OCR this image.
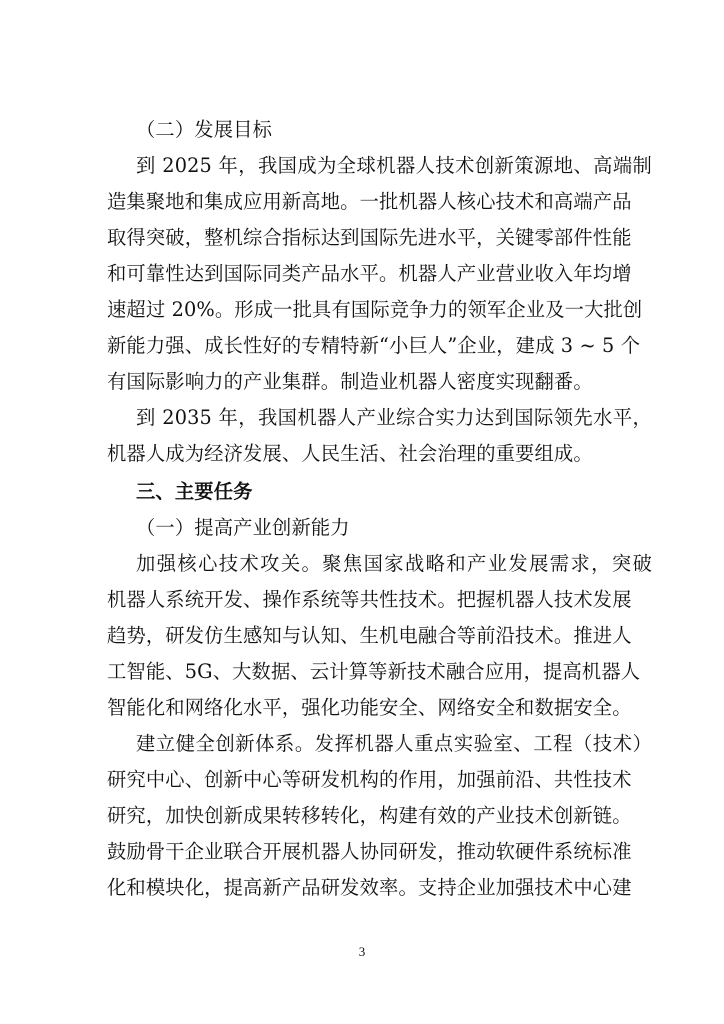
（二）发展目标
到 2025 年，我国成为全球机器人技术创新策源地、高端制
造集聚地和集成应用新高地。一批机器人核心技术和高端产品
取得突破，整机综合指标达到国际先进水平，关键零部件性能
和可靠性达到国际同类产品水平。机器人产业营业收入年均增
速超过 20%。形成一批具有国际竞争力的领军企业及一大批创
新能力强、成长性好的专精特新“小巨人”企业，建成 3 ~ 5 个
有国际影响力的产业集群。制造业机器人密度实现翻番。
到 2035 年，我国机器人产业综合实力达到国际领先水平，
机器人成为经济发展、人民生活、社会治理的重要组成。
三、主要任务
（一）提高产业创新能力
加强核心技术攻关。聚焦国家战略和产业发展需求，突破
机器人系统开发、操作系统等共性技术。把握机器人技术发展
趋势，研发仿生感知与认知、生机电融合等前沿技术。推进人
工智能、5G、大数据、云计算等新技术融合应用，提高机器人
智能化和网络化水平，强化功能安全、网络安全和数据安全。
建立健全创新体系。发挥机器人重点实验室、工程（技术）
研究中心、创新中心等研发机构的作用，加强前沿、共性技术
研究，加快创新成果转移转化，构建有效的产业技术创新链。
鼓励骨干企业联合开展机器人协同研发，推动软硬件系统标准
化和模块化，提高新产品研发效率。支持企业加强技术中心建
3
